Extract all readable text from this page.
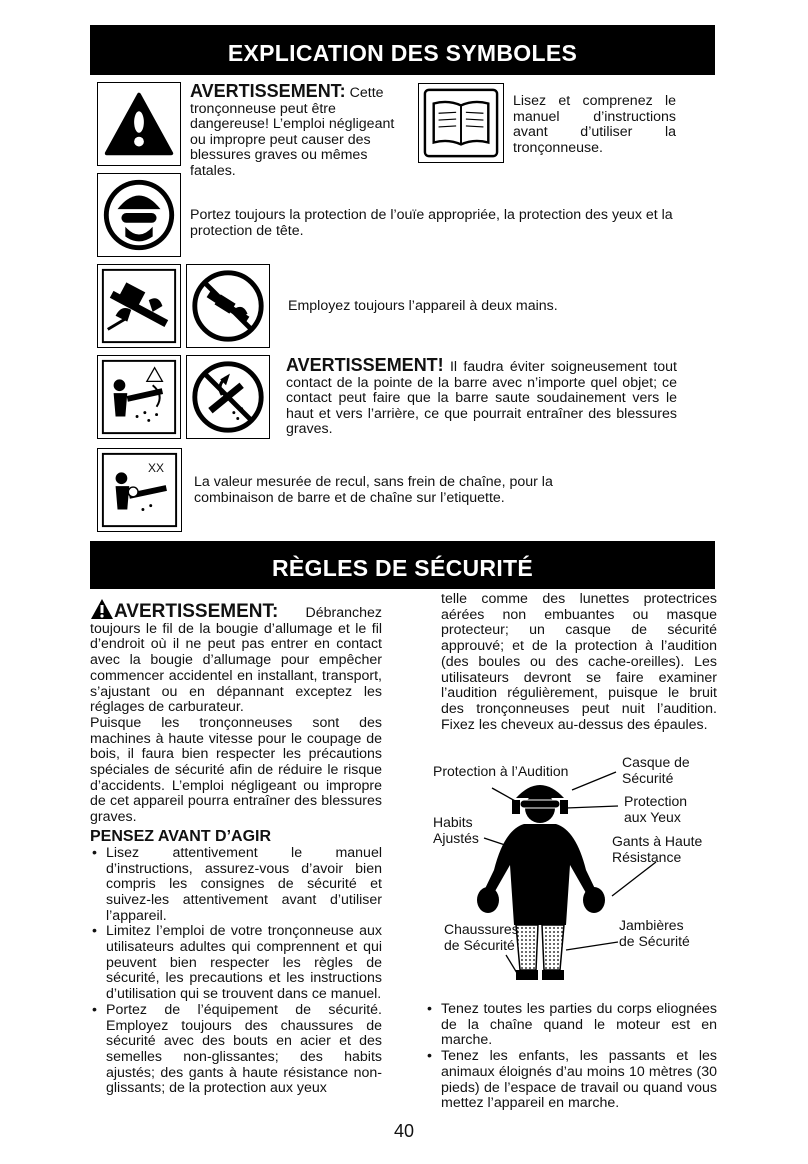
EXPLICATION DES SYMBOLES
AVERTISSEMENT: Cette tronçonneuse peut être dangereuse! L’emploi négligeant ou impropre peut causer des blessures graves ou mêmes fatales.
Lisez et comprenez le manuel d’instructions avant d’utiliser la tronçonneuse.
Portez toujours la protection de l’ouïe appropriée, la protection des yeux et la protection de tête.
Employez toujours l’appareil à deux mains.
AVERTISSEMENT! Il faudra éviter soigneusement tout contact de la pointe de la barre avec n’importe quel objet; ce contact peut faire que la barre saute soudainement vers le haut et vers l’arrière, ce que pourrait entraîner des blessures graves.
XX
La valeur mesurée de recul, sans frein de chaîne, pour la combinaison de barre et de chaîne sur l’etiquette.
RÈGLES DE SÉCURITÉ

AVERTISSEMENT: Débranchez toujours le fil de la bougie d’allumage et le fil d’endroit où il ne peut pas entrer en contact avec la bougie d’allumage pour empêcher commencer accidentel en installant, transport, s’ajustant ou en dépannant exceptez les réglages de carburateur.

Puisque les tronçonneuses sont des machines à haute vitesse pour le coupage de bois, il faura bien respecter les précautions spéciales de sécurité afin de réduire le risque d’accidents. L’emploi négligeant ou impropre de cet appareil pourra entraîner des blessures graves.

PENSEZ AVANT D’AGIR

• Lisez attentivement le manuel d’instructions, assurez-vous d’avoir bien compris les consignes de sécurité et suivez-les attentivement avant d’utiliser l’appareil.

• Limitez l’emploi de votre tronçonneuse aux utilisateurs adultes qui comprennent et qui peuvent bien respecter les règles de sécurité, les precautions et les instructions d’utilisation qui se trouvent dans ce manuel.

• Portez de l’équipement de sécurité. Employez toujours des chaussures de sécurité avec des bouts en acier et des semelles non-glissantes; des habits ajustés; des gants à haute résistance non-glissants; de la protection aux yeux

telle comme des lunettes protectrices aérées non embuantes ou masque protecteur; un casque de sécurité approuvé; et de la protection à l’audition (des boules ou des cache-oreilles). Les utilisateurs devront se faire examiner l’audition régulièrement, puisque le bruit des tronçonneuses peut nuit l’audition. Fixez les cheveux au-dessus des épaules.
Protection à l’Audition
Casque de Sécurité
Protection aux Yeux
Habits Ajustés	Gants à Haute Résistance
Chaussures de Sécurité
Jambières de Sécurité

• Tenez toutes les parties du corps eliognées de la chaîne quand le moteur est en marche.

• Tenez les enfants, les passants et les animaux éloignés d’au moins 10 mètres (30 pieds) de l’espace de travail ou quand vous mettez l’appareil en marche.

40
